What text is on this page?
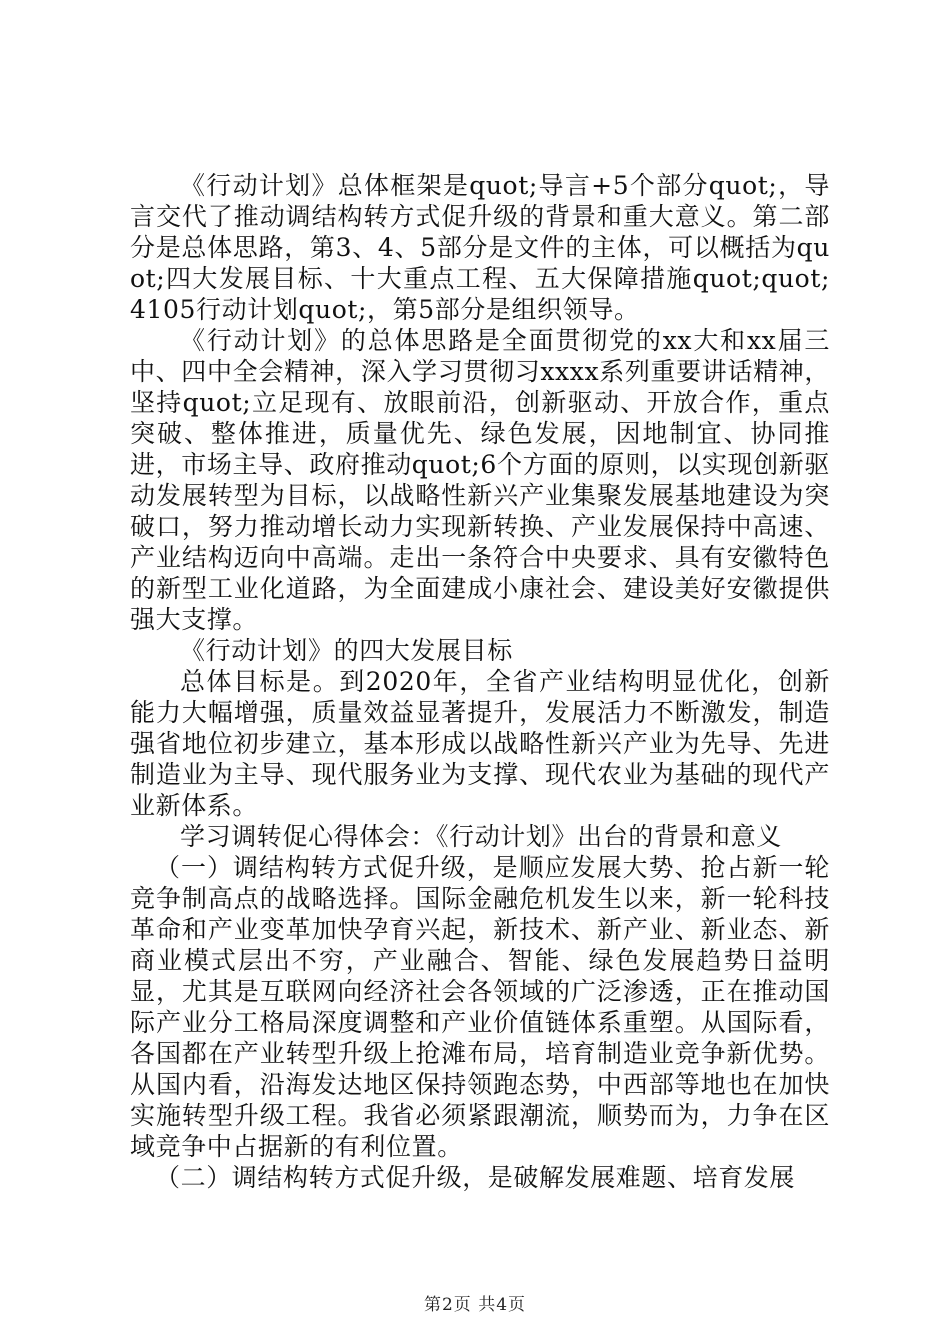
《行动计划》总体框架是quot;导言+5个部分quot;，导言交代了推动调结构转方式促升级的背景和重大意义。第二部分是总体思路，第3、4、5部分是文件的主体，可以概括为quot;四大发展目标、十大重点工程、五大保障措施quot;quot;4105行动计划quot;，第5部分是组织领导。

《行动计划》的总体思路是全面贯彻党的xx大和xx届三中、四中全会精神，深入学习贯彻习xxxx系列重要讲话精神，坚持quot;立足现有、放眼前沿，创新驱动、开放合作，重点突破、整体推进，质量优先、绿色发展，因地制宜、协同推进，市场主导、政府推动quot;6个方面的原则，以实现创新驱动发展转型为目标，以战略性新兴产业集聚发展基地建设为突破口，努力推动增长动力实现新转换、产业发展保持中高速、产业结构迈向中高端。走出一条符合中央要求、具有安徽特色的新型工业化道路，为全面建成小康社会、建设美好安徽提供强大支撑。

《行动计划》的四大发展目标

总体目标是。到2020年，全省产业结构明显优化，创新能力大幅增强，质量效益显著提升，发展活力不断激发，制造强省地位初步建立，基本形成以战略性新兴产业为先导、先进制造业为主导、现代服务业为支撑、现代农业为基础的现代产业新体系。

学习调转促心得体会：《行动计划》出台的背景和意义

（一）调结构转方式促升级，是顺应发展大势、抢占新一轮竞争制高点的战略选择。国际金融危机发生以来，新一轮科技革命和产业变革加快孕育兴起，新技术、新产业、新业态、新商业模式层出不穷，产业融合、智能、绿色发展趋势日益明显，尤其是互联网向经济社会各领域的广泛渗透，正在推动国际产业分工格局深度调整和产业价值链体系重塑。从国际看，各国都在产业转型升级上抢滩布局，培育制造业竞争新优势。从国内看，沿海发达地区保持领跑态势，中西部等地也在加快实施转型升级工程。我省必须紧跟潮流，顺势而为，力争在区域竞争中占据新的有利位置。

（二）调结构转方式促升级，是破解发展难题、培育发展

第2页 共4页
